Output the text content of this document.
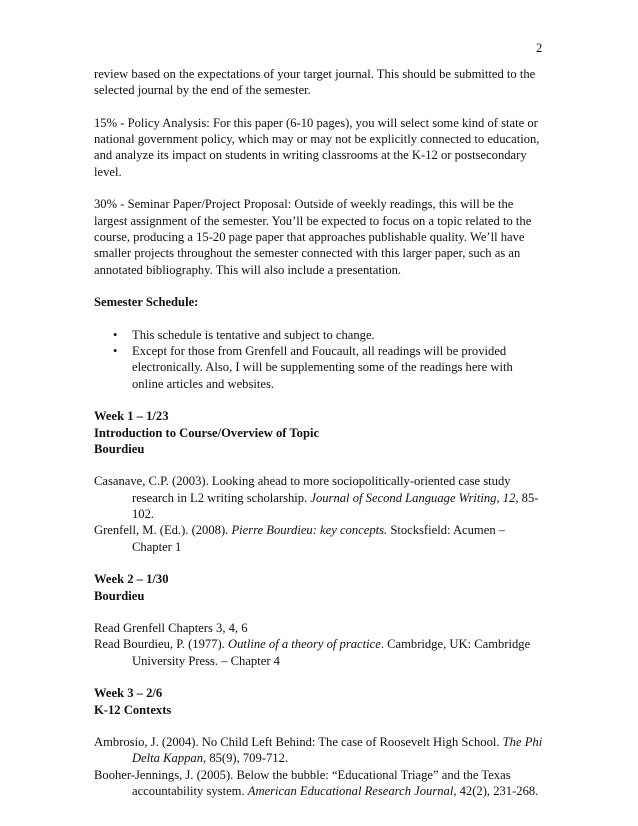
2

review based on the expectations of your target journal. This should be submitted to the selected journal by the end of the semester.

15% - Policy Analysis: For this paper (6-10 pages), you will select some kind of state or national government policy, which may or may not be explicitly connected to education, and analyze its impact on students in writing classrooms at the K-12 or postsecondary level.

30% - Seminar Paper/Project Proposal: Outside of weekly readings, this will be the largest assignment of the semester. You’ll be expected to focus on a topic related to the course, producing a 15-20 page paper that approaches publishable quality. We’ll have smaller projects throughout the semester connected with this larger paper, such as an annotated bibliography. This will also include a presentation.

Semester Schedule:

• This schedule is tentative and subject to change.
• Except for those from Grenfell and Foucault, all readings will be provided electronically. Also, I will be supplementing some of the readings here with online articles and websites.
Week 1 – 1/23
Introduction to Course/Overview of Topic
Bourdieu

Casanave, C.P. (2003). Looking ahead to more sociopolitically-oriented case study research in L2 writing scholarship. Journal of Second Language Writing, 12, 85-102.

Grenfell, M. (Ed.). (2008). Pierre Bourdieu: key concepts. Stocksfield: Acumen – Chapter 1

Week 2 – 1/30
Bourdieu

Read Grenfell Chapters 3, 4, 6

Read Bourdieu, P. (1977). Outline of a theory of practice. Cambridge, UK: Cambridge University Press. – Chapter 4

Week 3 – 2/6
K-12 Contexts

Ambrosio, J. (2004). No Child Left Behind: The case of Roosevelt High School. The Phi Delta Kappan, 85(9), 709-712.

Booher-Jennings, J. (2005). Below the bubble: “Educational Triage” and the Texas accountability system. American Educational Research Journal, 42(2), 231-268.
